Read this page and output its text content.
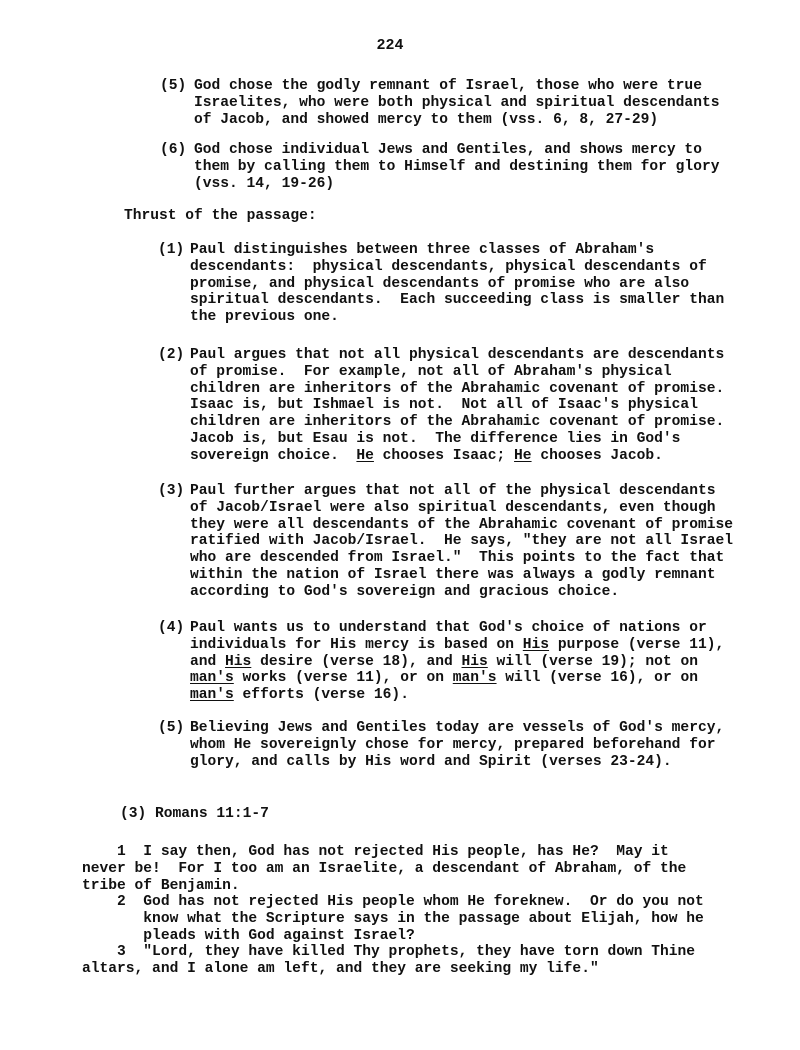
224
(5) God chose the godly remnant of Israel, those who were true
Israelites, who were both physical and spiritual descendants
of Jacob, and showed mercy to them (vss. 6, 8, 27-29)
(6) God chose individual Jews and Gentiles, and shows mercy to
them by calling them to Himself and destining them for glory
(vss. 14, 19-26)
Thrust of the passage:
(1) Paul distinguishes between three classes of Abraham's
descendants:  physical descendants, physical descendants of
promise, and physical descendants of promise who are also
spiritual descendants.  Each succeeding class is smaller than
the previous one.
(2) Paul argues that not all physical descendants are descendants
of promise.  For example, not all of Abraham's physical
children are inheritors of the Abrahamic covenant of promise.
Isaac is, but Ishmael is not.  Not all of Isaac's physical
children are inheritors of the Abrahamic covenant of promise.
Jacob is, but Esau is not.  The difference lies in God's
sovereign choice.  He chooses Isaac; He chooses Jacob.
(3) Paul further argues that not all of the physical descendants
of Jacob/Israel were also spiritual descendants, even though
they were all descendants of the Abrahamic covenant of promise
ratified with Jacob/Israel.  He says, "they are not all Israel
who are descended from Israel."  This points to the fact that
within the nation of Israel there was always a godly remnant
according to God's sovereign and gracious choice.
(4) Paul wants us to understand that God's choice of nations or
individuals for His mercy is based on His purpose (verse 11),
and His desire (verse 18), and His will (verse 19); not on
man's works (verse 11), or on man's will (verse 16), or on
man's efforts (verse 16).
(5) Believing Jews and Gentiles today are vessels of God's mercy,
whom He sovereignly chose for mercy, prepared beforehand for
glory, and calls by His word and Spirit (verses 23-24).
(3) Romans 11:1-7
1  I say then, God has not rejected His people, has He?  May it
never be!  For I too am an Israelite, a descendant of Abraham, of the
tribe of Benjamin.
2  God has not rejected His people whom He foreknew.  Or do you not
know what the Scripture says in the passage about Elijah, how he
pleads with God against Israel?
3  "Lord, they have killed Thy prophets, they have torn down Thine
altars, and I alone am left, and they are seeking my life."
